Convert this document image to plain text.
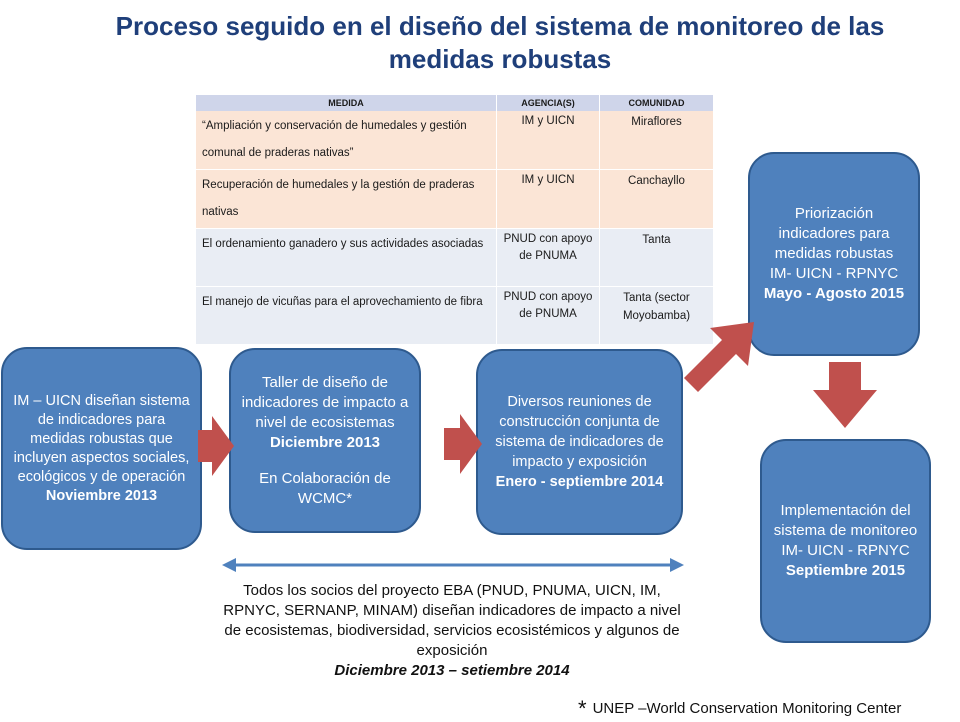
Proceso seguido en el diseño del sistema de monitoreo de las
medidas robustas
MEDIDA	AGENCIA(S)	COMUNIDAD
“Ampliación y conservación de humedales y gestión comunal de praderas nativas”	IM y UICN	Miraflores
Recuperación de humedales y la gestión de praderas nativas	IM y UICN	Canchayllo
El ordenamiento ganadero y sus actividades asociadas	PNUD con apoyo de PNUMA	Tanta
El manejo de vicuñas para el aprovechamiento de fibra	PNUD con apoyo de PNUMA	Tanta (sector Moyobamba)
IM – UICN diseñan sistema de indicadores para medidas robustas que incluyen aspectos sociales, ecológicos y de operación
Noviembre 2013
Taller de diseño de indicadores de impacto a nivel de ecosistemas
Diciembre 2013
En Colaboración de WCMC*
Diversos reuniones de construcción conjunta de sistema de indicadores de impacto y exposición
Enero - septiembre 2014
Priorización indicadores para medidas robustas
IM- UICN - RPNYC
Mayo - Agosto 2015
Implementación del sistema de monitoreo
IM- UICN - RPNYC
Septiembre 2015
Todos los socios del proyecto EBA (PNUD, PNUMA, UICN, IM, RPNYC, SERNANP, MINAM) diseñan indicadores de impacto a nivel de ecosistemas, biodiversidad, servicios ecosistémicos y algunos de exposición
Diciembre 2013 – setiembre 2014
* UNEP –World Conservation Monitoring Center
